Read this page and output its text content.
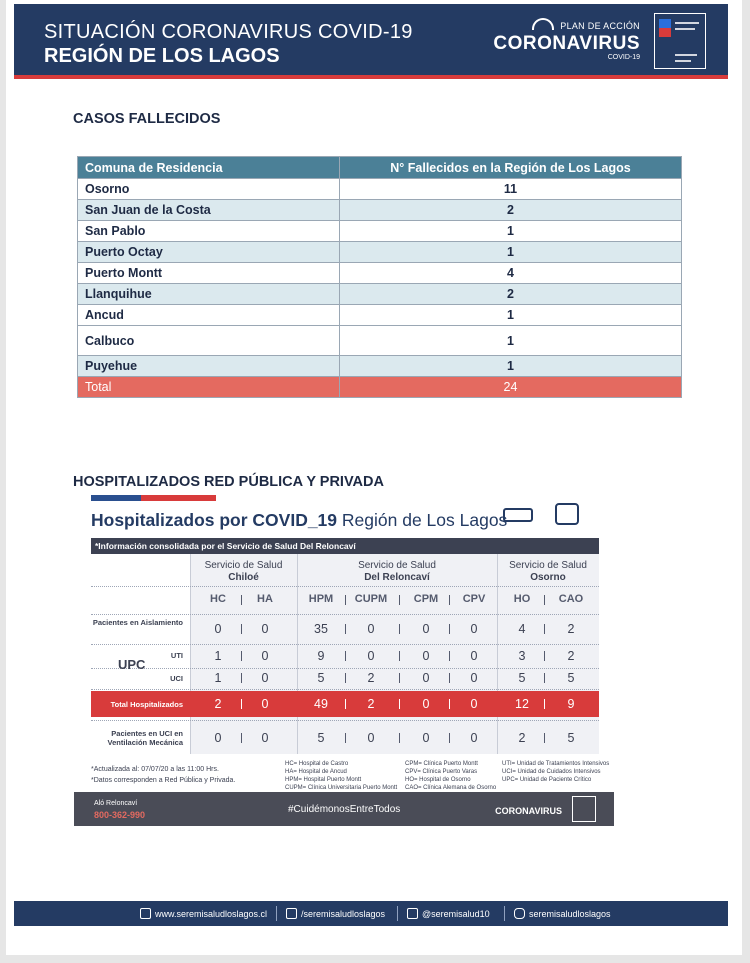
SITUACIÓN CORONAVIRUS COVID-19
REGIÓN DE LOS LAGOS
PLAN DE ACCIÓN
CORONAVIRUS
COVID-19
CASOS FALLECIDOS
Comuna de Residencia	N° Fallecidos en la Región de Los Lagos
Osorno	11
San Juan de la Costa	2
San Pablo	1
Puerto Octay	1
Puerto Montt	4
Llanquihue	2
Ancud	1
Calbuco	1
Puyehue	1
Total	24
HOSPITALIZADOS RED PÚBLICA Y PRIVADA
Hospitalizados por COVID_19 Región de Los Lagos
*Información consolidada por el Servicio de Salud Del Reloncaví
Servicio de Salud
Chiloé
Servicio de Salud
Del Reloncaví
Servicio de Salud
Osorno
HC	HA	HPM	CUPM	CPM	CPV	HO	CAO
Pacientes en Aislamiento	0	0	35	0	0	0	4	2
UPC
UTI	1	0	9	0	0	0	3	2
UCI	1	0	5	2	0	0	5	5
Total Hospitalizados	2	0	49	2	0	0	12	9
Pacientes en UCI en Ventilación Mecánica	0	0	5	0	0	0	2	5
*Actualizada al: 07/07/20 a las 11:00 Hrs.
*Datos corresponden a Red Pública y Privada.
HC= Hospital de Castro
HA= Hospital de Ancud
HPM= Hospital Puerto Montt
CUPM= Clínica Universitaria Puerto Montt
CPM= Clínica Puerto Montt
CPV= Clínica Puerto Varas
HO= Hospital de Osorno
CAO= Clínica Alemana de Osorno
UTI= Unidad de Tratamientos Intensivos
UCI= Unidad de Cuidados Intensivos
UPC= Unidad de Paciente Crítico
Aló Reloncaví
800-362-990	#CuidémonosEntreTodos	CORONAVIRUS
www.seremisaludloslagos.cl	/seremisaludloslagos	@seremisalud10	seremisaludloslagos
